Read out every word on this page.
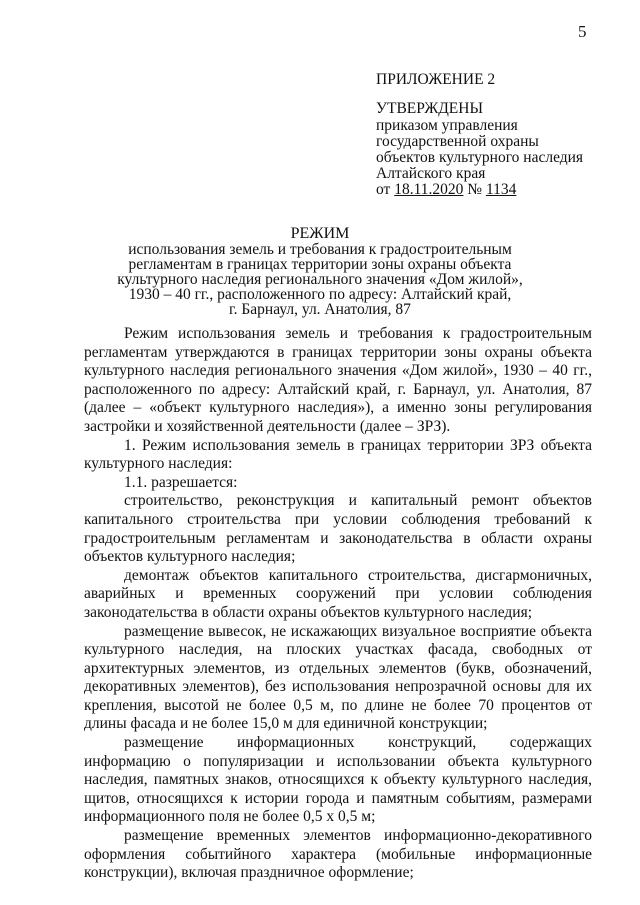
5
ПРИЛОЖЕНИЕ 2
УТВЕРЖДЕНЫ
приказом управления
государственной охраны
объектов культурного наследия
Алтайского края
от 18.11.2020 № 1134
РЕЖИМ
использования земель и требования к градостроительным
регламентам в границах территории зоны охраны объекта
культурного наследия регионального значения «Дом жилой»,
1930 – 40 гг., расположенного по адресу: Алтайский край,
г. Барнаул, ул. Анатолия, 87

Режим использования земель и требования к градостроительным регламентам утверждаются в границах территории зоны охраны объекта культурного наследия регионального значения «Дом жилой», 1930 – 40 гг., расположенного по адресу: Алтайский край, г. Барнаул, ул. Анатолия, 87 (далее – «объект культурного наследия»), а именно зоны регулирования застройки и хозяйственной деятельности (далее – ЗРЗ).

1. Режим использования земель в границах территории ЗРЗ объекта культурного наследия:

1.1. разрешается:

строительство, реконструкция и капитальный ремонт объектов капитального строительства при условии соблюдения требований к градостроительным регламентам и законодательства в области охраны объектов культурного наследия;

демонтаж объектов капитального строительства, дисгармоничных, аварийных и временных сооружений при условии соблюдения законодательства в области охраны объектов культурного наследия;

размещение вывесок, не искажающих визуальное восприятие объекта культурного наследия, на плоских участках фасада, свободных от архитектурных элементов, из отдельных элементов (букв, обозначений, декоративных элементов), без использования непрозрачной основы для их крепления, высотой не более 0,5 м, по длине не более 70 процентов от длины фасада и не более 15,0 м для единичной конструкции;

размещение информационных конструкций, содержащих информацию о популяризации и использовании объекта культурного наследия, памятных знаков, относящихся к объекту культурного наследия, щитов, относящихся к истории города и памятным событиям, размерами информационного поля не более 0,5 х 0,5 м;

размещение временных элементов информационно-декоративного оформления событийного характера (мобильные информационные конструкции), включая праздничное оформление;
